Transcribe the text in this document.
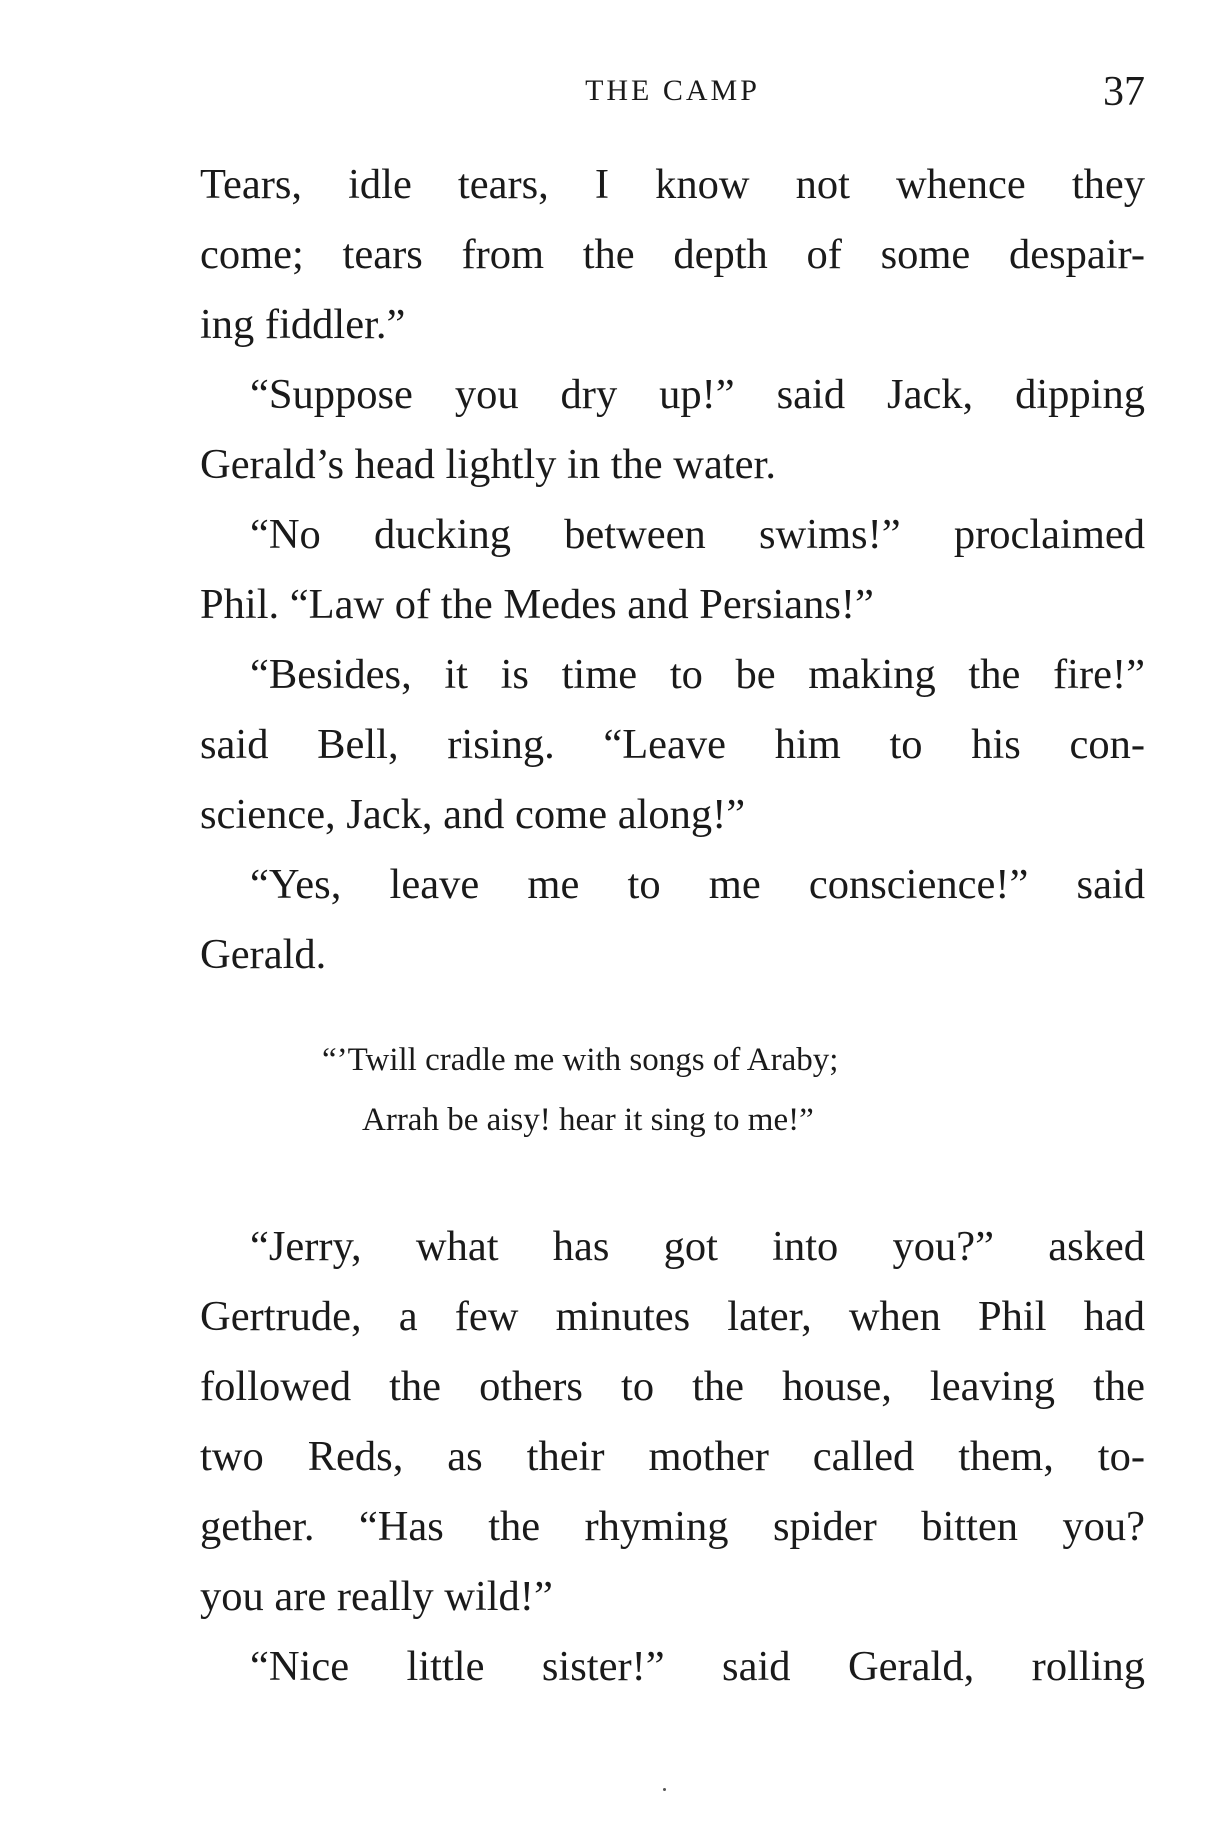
THE CAMP	37
Tears, idle tears, I know not whence they
come; tears from the depth of some despair-
ing fiddler.”
“Suppose you dry up!” said Jack, dipping
Gerald’s head lightly in the water.
“No ducking between swims!” proclaimed
Phil. “Law of the Medes and Persians!”
“Besides, it is time to be making the fire!”
said Bell, rising. “Leave him to his con-
science, Jack, and come along!”
“Yes, leave me to me conscience!” said
Gerald.
“’Twill cradle me with songs of Araby;
Arrah be aisy! hear it sing to me!”
“Jerry, what has got into you?” asked
Gertrude, a few minutes later, when Phil had
followed the others to the house, leaving the
two Reds, as their mother called them, to-
gether. “Has the rhyming spider bitten you?
you are really wild!”
“Nice little sister!” said Gerald, rolling
